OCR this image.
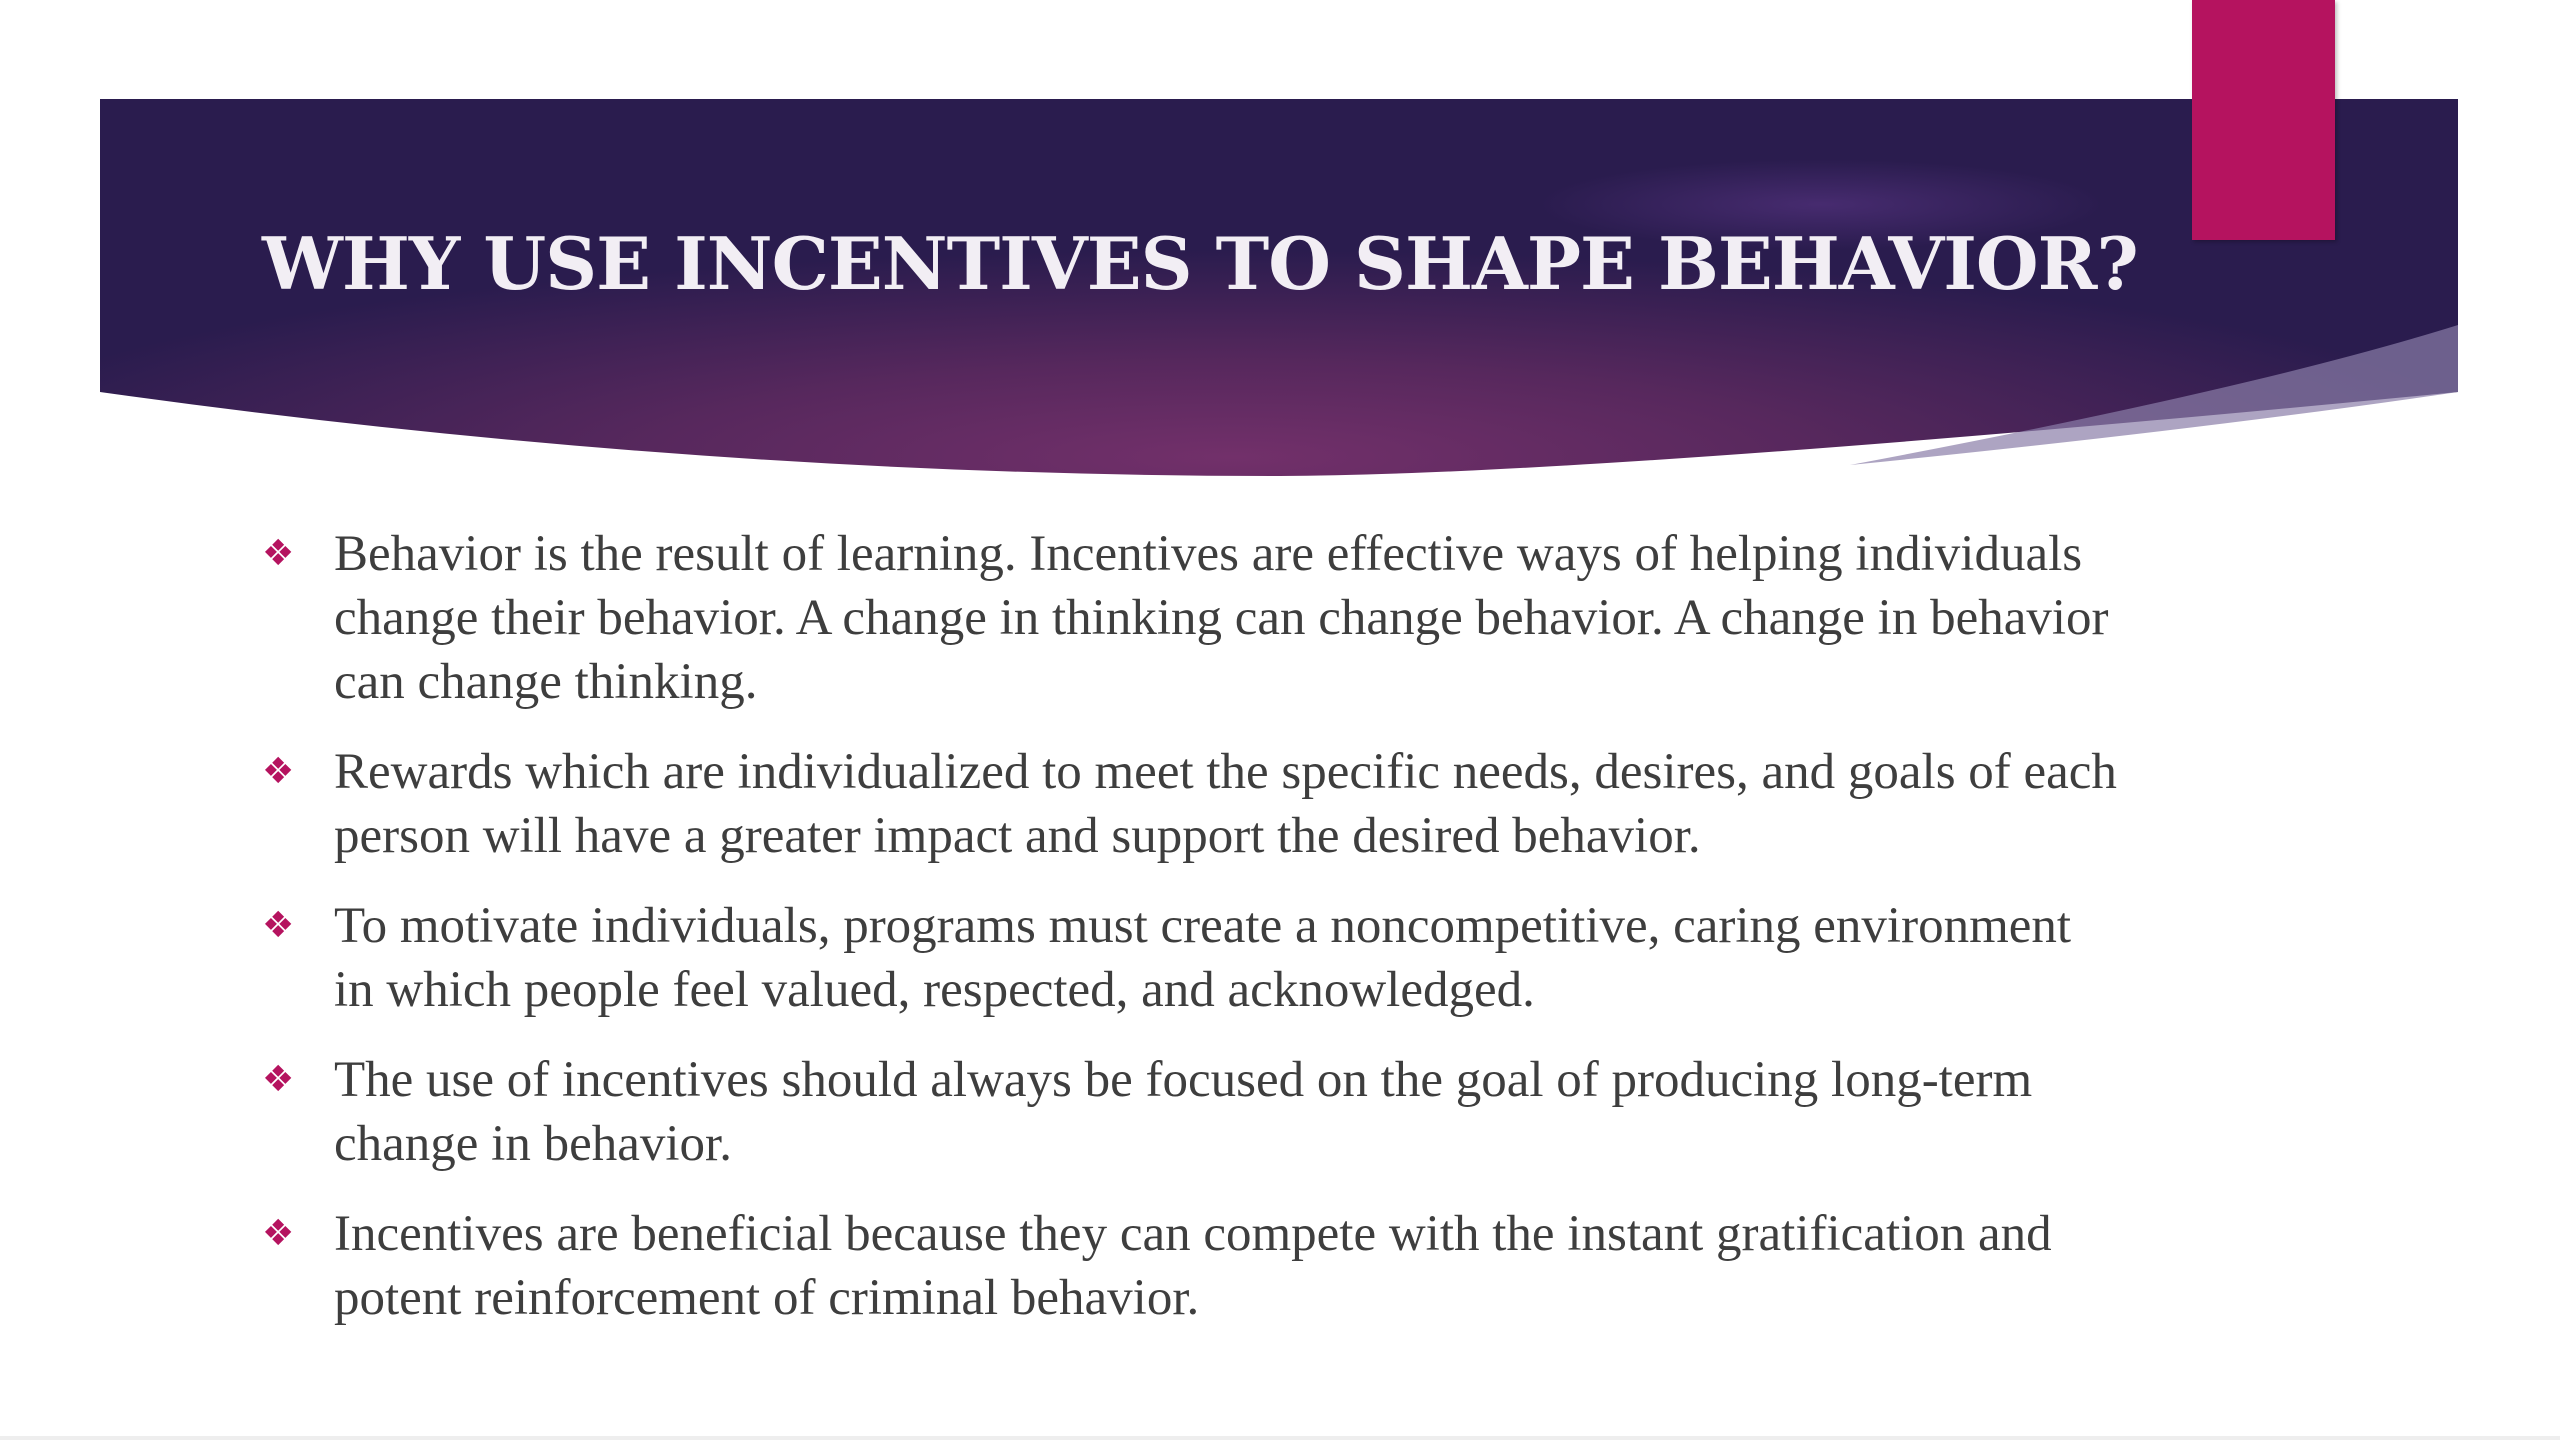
WHY USE INCENTIVES TO SHAPE BEHAVIOR?
❖ Behavior is the result of learning. Incentives are effective ways of helping individuals change their behavior. A change in thinking can change behavior. A change in behavior can change thinking.
❖ Rewards which are individualized to meet the specific needs, desires, and goals of each person will have a greater impact and support the desired behavior.
❖ To motivate individuals, programs must create a noncompetitive, caring environment in which people feel valued, respected, and acknowledged.
❖ The use of incentives should always be focused on the goal of producing long-term change in behavior.
❖ Incentives are beneficial because they can compete with the instant gratification and potent reinforcement of criminal behavior.
